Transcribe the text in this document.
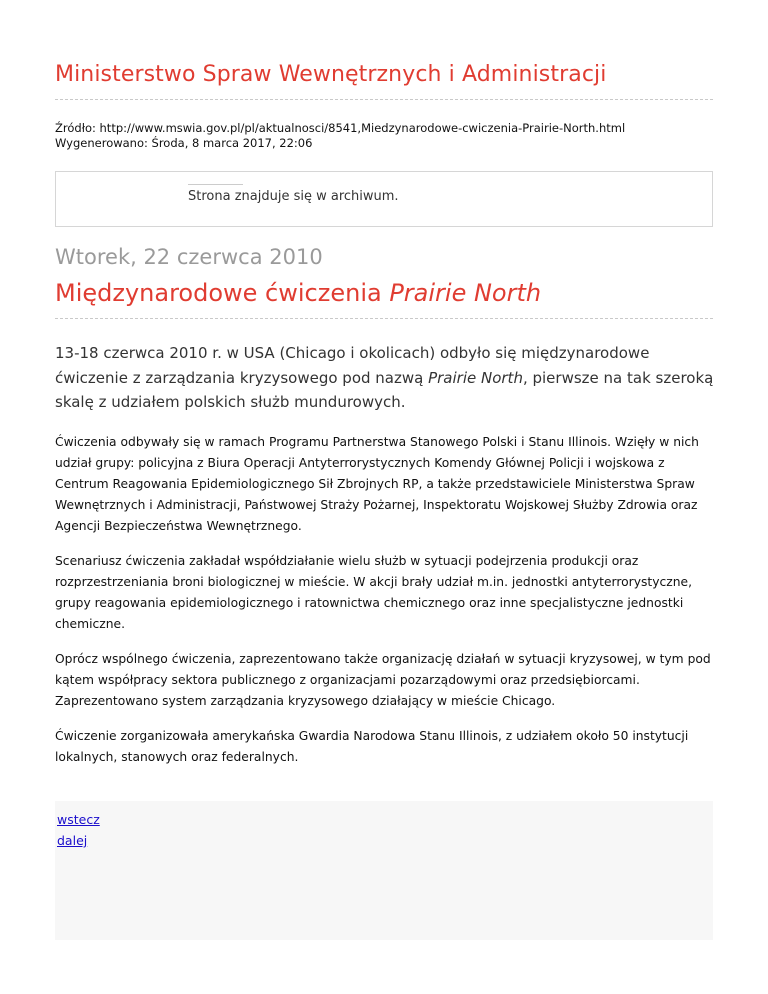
Ministerstwo Spraw Wewnętrznych i Administracji
Źródło: http://www.mswia.gov.pl/pl/aktualnosci/8541,Miedzynarodowe-cwiczenia-Prairie-North.html
Wygenerowano: Środa, 8 marca 2017, 22:06
Strona znajduje się w archiwum.
Wtorek, 22 czerwca 2010
Międzynarodowe ćwiczenia Prairie North
13-18 czerwca 2010 r. w USA (Chicago i okolicach) odbyło się międzynarodowe ćwiczenie z zarządzania kryzysowego pod nazwą Prairie North, pierwsze na tak szeroką skalę z udziałem polskich służb mundurowych.

Ćwiczenia odbywały się w ramach Programu Partnerstwa Stanowego Polski i Stanu Illinois. Wzięły w nich udział grupy: policyjna z Biura Operacji Antyterrorystycznych Komendy Głównej Policji i wojskowa z Centrum Reagowania Epidemiologicznego Sił Zbrojnych RP, a także przedstawiciele Ministerstwa Spraw Wewnętrznych i Administracji, Państwowej Straży Pożarnej, Inspektoratu Wojskowej Służby Zdrowia oraz Agencji Bezpieczeństwa Wewnętrznego.

Scenariusz ćwiczenia zakładał współdziałanie wielu służb w sytuacji podejrzenia produkcji oraz rozprzestrzeniania broni biologicznej w mieście. W akcji brały udział m.in. jednostki antyterrorystyczne, grupy reagowania epidemiologicznego i ratownictwa chemicznego oraz inne specjalistyczne jednostki chemiczne.

Oprócz wspólnego ćwiczenia, zaprezentowano także organizację działań w sytuacji kryzysowej, w tym pod kątem współpracy sektora publicznego z organizacjami pozarządowymi oraz przedsiębiorcami. Zaprezentowano system zarządzania kryzysowego działający w mieście Chicago.

Ćwiczenie zorganizowała amerykańska Gwardia Narodowa Stanu Illinois, z udziałem około 50 instytucji lokalnych, stanowych oraz federalnych.

wstecz
dalej
